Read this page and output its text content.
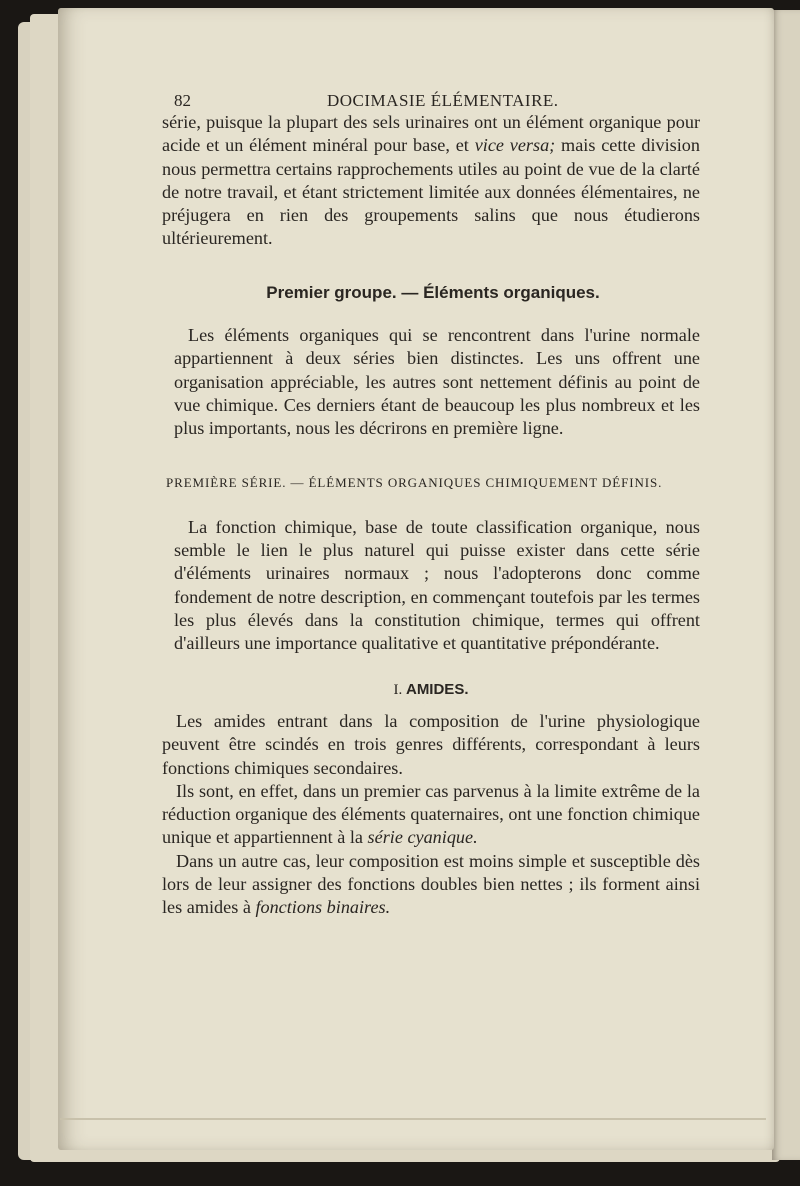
82	DOCIMASIE ÉLÉMENTAIRE.

série, puisque la plupart des sels urinaires ont un élément organique pour acide et un élément minéral pour base, et vice versa; mais cette division nous permettra certains rapprochements utiles au point de vue de la clarté de notre travail, et étant strictement limitée aux données élémentaires, ne préjugera en rien des groupements salins que nous étudierons ultérieurement.

Premier groupe. — Éléments organiques.

Les éléments organiques qui se rencontrent dans l'urine normale appartiennent à deux séries bien distinctes. Les uns offrent une organisation appréciable, les autres sont nettement définis au point de vue chimique. Ces derniers étant de beaucoup les plus nombreux et les plus importants, nous les décrirons en première ligne.

PREMIÈRE SÉRIE. — ÉLÉMENTS ORGANIQUES CHIMIQUEMENT DÉFINIS.

La fonction chimique, base de toute classification organique, nous semble le lien le plus naturel qui puisse exister dans cette série d'éléments urinaires normaux ; nous l'adopterons donc comme fondement de notre description, en commençant toutefois par les termes les plus élevés dans la constitution chimique, termes qui offrent d'ailleurs une importance qualitative et quantitative prépondérante.

I. AMIDES.

Les amides entrant dans la composition de l'urine physiologique peuvent être scindés en trois genres différents, correspondant à leurs fonctions chimiques secondaires.

Ils sont, en effet, dans un premier cas parvenus à la limite extrême de la réduction organique des éléments quaternaires, ont une fonction chimique unique et appartiennent à la série cyanique.

Dans un autre cas, leur composition est moins simple et susceptible dès lors de leur assigner des fonctions doubles bien nettes ; ils forment ainsi les amides à fonctions binaires.
